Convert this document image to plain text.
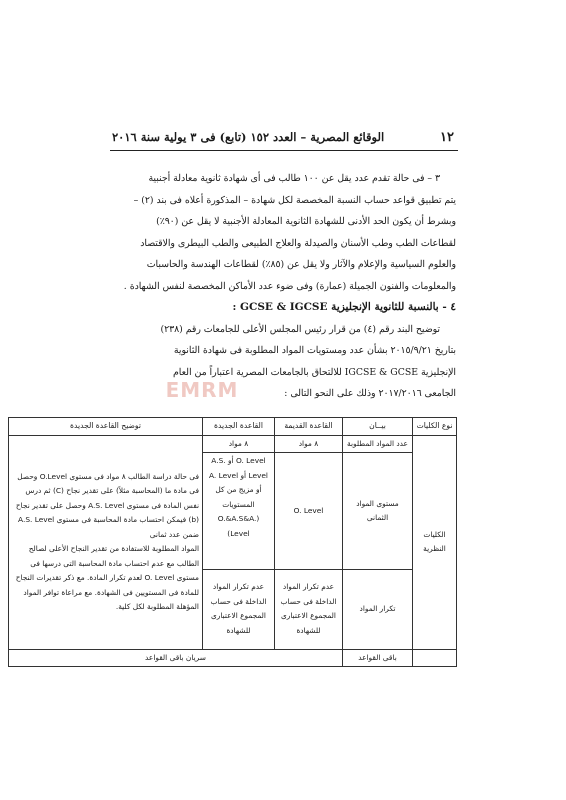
١٢
الوقائع المصرية – العدد ١٥٢ (تابع) فى ٣ يولية سنة ٢٠١٦

٣ – فى حالة تقدم عدد يقل عن ١٠٠ طالب فى أى شهادة ثانوية معادلة أجنبية

يتم تطبيق قواعد حساب النسبة المخصصة لكل شهادة – المذكورة أعلاه فى بند (٢) –

وبشرط أن يكون الحد الأدنى للشهادة الثانوية المعادلة الأجنبية لا يقل عن (٩٠٪)

لقطاعات الطب وطب الأسنان والصيدلة والعلاج الطبيعى والطب البيطرى والاقتصاد

والعلوم السياسية والإعلام والآثار ولا يقل عن (٨٥٪) لقطاعات الهندسة والحاسبات

والمعلومات والفنون الجميلة (عمارة) وفى ضوء عدد الأماكن المخصصة لنفس الشهادة .

٤ - بالنسبة للثانوية الإنجليزية GCSE & IGCSE :

توضيح البند رقم (٤) من قرار رئيس المجلس الأعلى للجامعات رقم (٢٣٨)

بتاريخ ٢٠١٥/٩/٢١ بشأن عدد ومستويات المواد المطلوبة فى شهادة الثانوية

الإنجليزية IGCSE & GCSE للالتحاق بالجامعات المصرية اعتباراً من العام

الجامعى ٢٠١٧/٢٠١٦ وذلك على النحو التالى :

EMRM
نوع الكليات	بيــان	القاعدة القديمة	القاعدة الجديدة	توضيح القاعدة الجديدة
الكليات النظرية	عدد المواد المطلوبة	٨ مواد	٨ مواد	فى حالة دراسة الطالب ٨ مواد فى مستوى O.Level وحصل فى مادة ما (المحاسبة مثلاً) على تقدير نجاح (C) ثم درس نفس المادة فى مستوى A.S. Level وحصل على تقدير نجاح (b) فيمكن احتساب مادة المحاسبة فى مستوى A.S. Level ضمن عدد ثمانى
المواد المطلوبة للاستفادة من تقدير النجاح الأعلى لصالح الطالب مع عدم احتساب مادة المحاسبة التى درسها فى مستوى O. Level لعدم تكرار المادة. مع ذكر تقديرات النجاح للمادة فى المستويين فى الشهادة. مع مراعاة توافر المواد المؤهلة المطلوبة لكل كلية.

	مستوى المواد الثمانى	O. Level	O. Level أو A.S. Level أو A. Level أو مزيج من كل المستويات (O.&A.S&A. Level)	
	تكرار المواد	عدم تكرار المواد الداخلة فى حساب المجموع الاعتبارى للشهادة	عدم تكرار المواد الداخلة فى حساب المجموع الاعتبارى للشهادة	
	باقى القواعد	سريان باقى القواعد		
